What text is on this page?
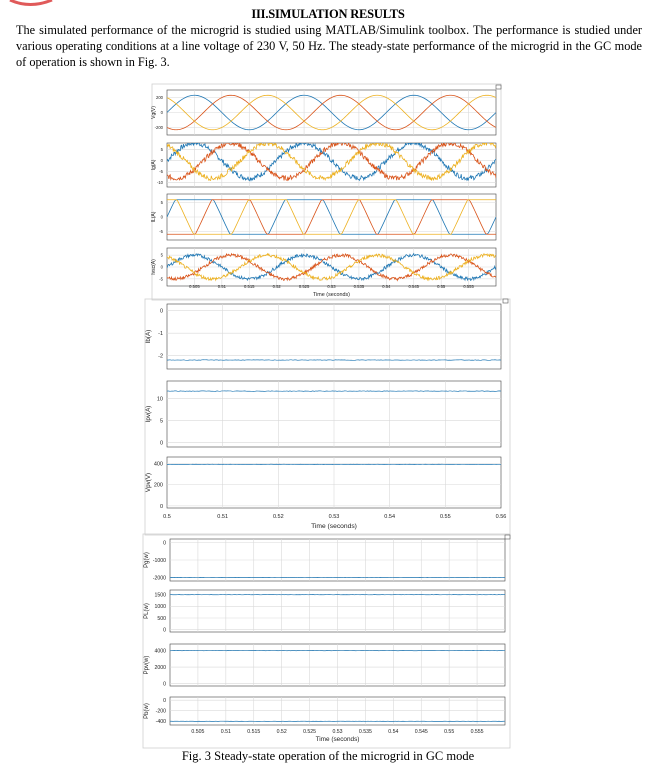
III.SIMULATION RESULTS
The simulated performance of the microgrid is studied using MATLAB/Simulink toolbox. The performance is studied under various operating conditions at a line voltage of 230 V, 50 Hz. The steady-state performance of the microgrid in the GC mode of operation is shown in Fig. 3.
200
0
-200
Vg(V)
5
0
-5
-10
Ig(A)
5
0
-5
IL(A)
5
0
-5
Ivsc(A)
0.505	0.51	0.515	0.52	0.525	0.53	0.535	0.54	0.545	0.55	0.555
Time (seconds)
0
-1
-2
Ib(A)
10
5
0
Ipv(A)
400
200
0
Vpv(V)
0.5	0.51	0.52	0.53	0.54	0.55	0.56
Time (seconds)
0
-1000
-2000
Pg(w)
1500
1000
500
0
PL(w)
4000
2000
0
Ppv(w)
0
-200
-400
Pb(w)
0.505	0.51	0.515	0.52	0.525	0.53	0.535	0.54	0.545	0.55	0.555
Time (seconds)
Fig. 3 Steady-state operation of the microgrid in GC mode
